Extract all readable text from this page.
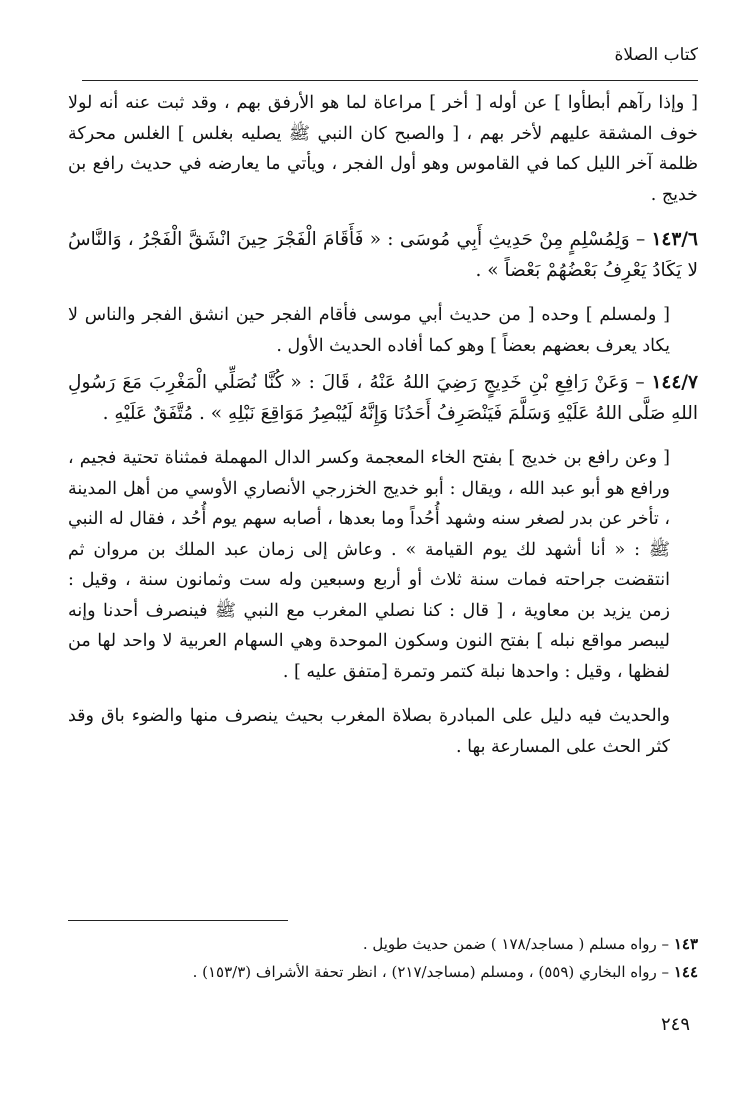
كتاب الصلاة

[ وإذا رآهم أبطأوا ] عن أوله [ أخر ] مراعاة لما هو الأرفق بهم ، وقد ثبت عنه أنه لولا خوف المشقة عليهم لأخر بهم ، [ والصبح كان النبي ﷺ يصليه بغلس ] الغلس محركة ظلمة آخر الليل كما في القاموس وهو أول الفجر ، ويأتي ما يعارضه في حديث رافع بن خديج .

١٤٣/٦ – وَلِمُسْلِمٍ مِنْ حَدِيثِ أَبِي مُوسَى : « فَأَقَامَ الْفَجْرَ حِينَ انْشَقَّ الْفَجْرُ ، وَالنَّاسُ لا يَكَادُ يَعْرِفُ بَعْضُهُمْ بَعْضاً » .

[ ولمسلم ] وحده [ من حديث أبي موسى فأقام الفجر حين انشق الفجر والناس لا يكاد يعرف بعضهم بعضاً ] وهو كما أفاده الحديث الأول .

١٤٤/٧ – وَعَنْ رَافِعِ بْنِ خَدِيجٍ رَضِيَ اللهُ عَنْهُ ، قَالَ : « كُنَّا نُصَلِّي الْمَغْرِبَ مَعَ رَسُولِ اللهِ صَلَّى اللهُ عَلَيْهِ وَسَلَّمَ فَيَنْصَرِفُ أَحَدُنَا وَإِنَّهُ لَيُبْصِرُ مَوَاقِعَ نَبْلِهِ » . مُتَّفَقٌ عَلَيْهِ .

[ وعن رافع بن خديج ] بفتح الخاء المعجمة وكسر الدال المهملة فمثناة تحتية فجيم ، ورافع هو أبو عبد الله ، ويقال : أبو خديج الخزرجي الأنصاري الأوسي من أهل المدينة ، تأخر عن بدر لصغر سنه وشهد أُحُداً وما بعدها ، أصابه سهم يوم أُحُد ، فقال له النبي ﷺ : « أنا أشهد لك يوم القيامة » . وعاش إلى زمان عبد الملك بن مروان ثم انتقضت جراحته فمات سنة ثلاث أو أربع وسبعين وله ست وثمانون سنة ، وقيل : زمن يزيد بن معاوية ، [ قال : كنا نصلي المغرب مع النبي ﷺ فينصرف أحدنا وإنه ليبصر مواقع نبله ] بفتح النون وسكون الموحدة وهي السهام العربية لا واحد لها من لفظها ، وقيل : واحدها نبلة كتمر وتمرة [متفق عليه ] .

والحديث فيه دليل على المبادرة بصلاة المغرب بحيث ينصرف منها والضوء باق وقد كثر الحث على المسارعة بها .

١٤٣ – رواه مسلم ( مساجد/١٧٨ ) ضمن حديث طويل .

١٤٤ – رواه البخاري (٥٥٩) ، ومسلم (مساجد/٢١٧) ، انظر تحفة الأشراف (١٥٣/٣) .

٢٤٩
